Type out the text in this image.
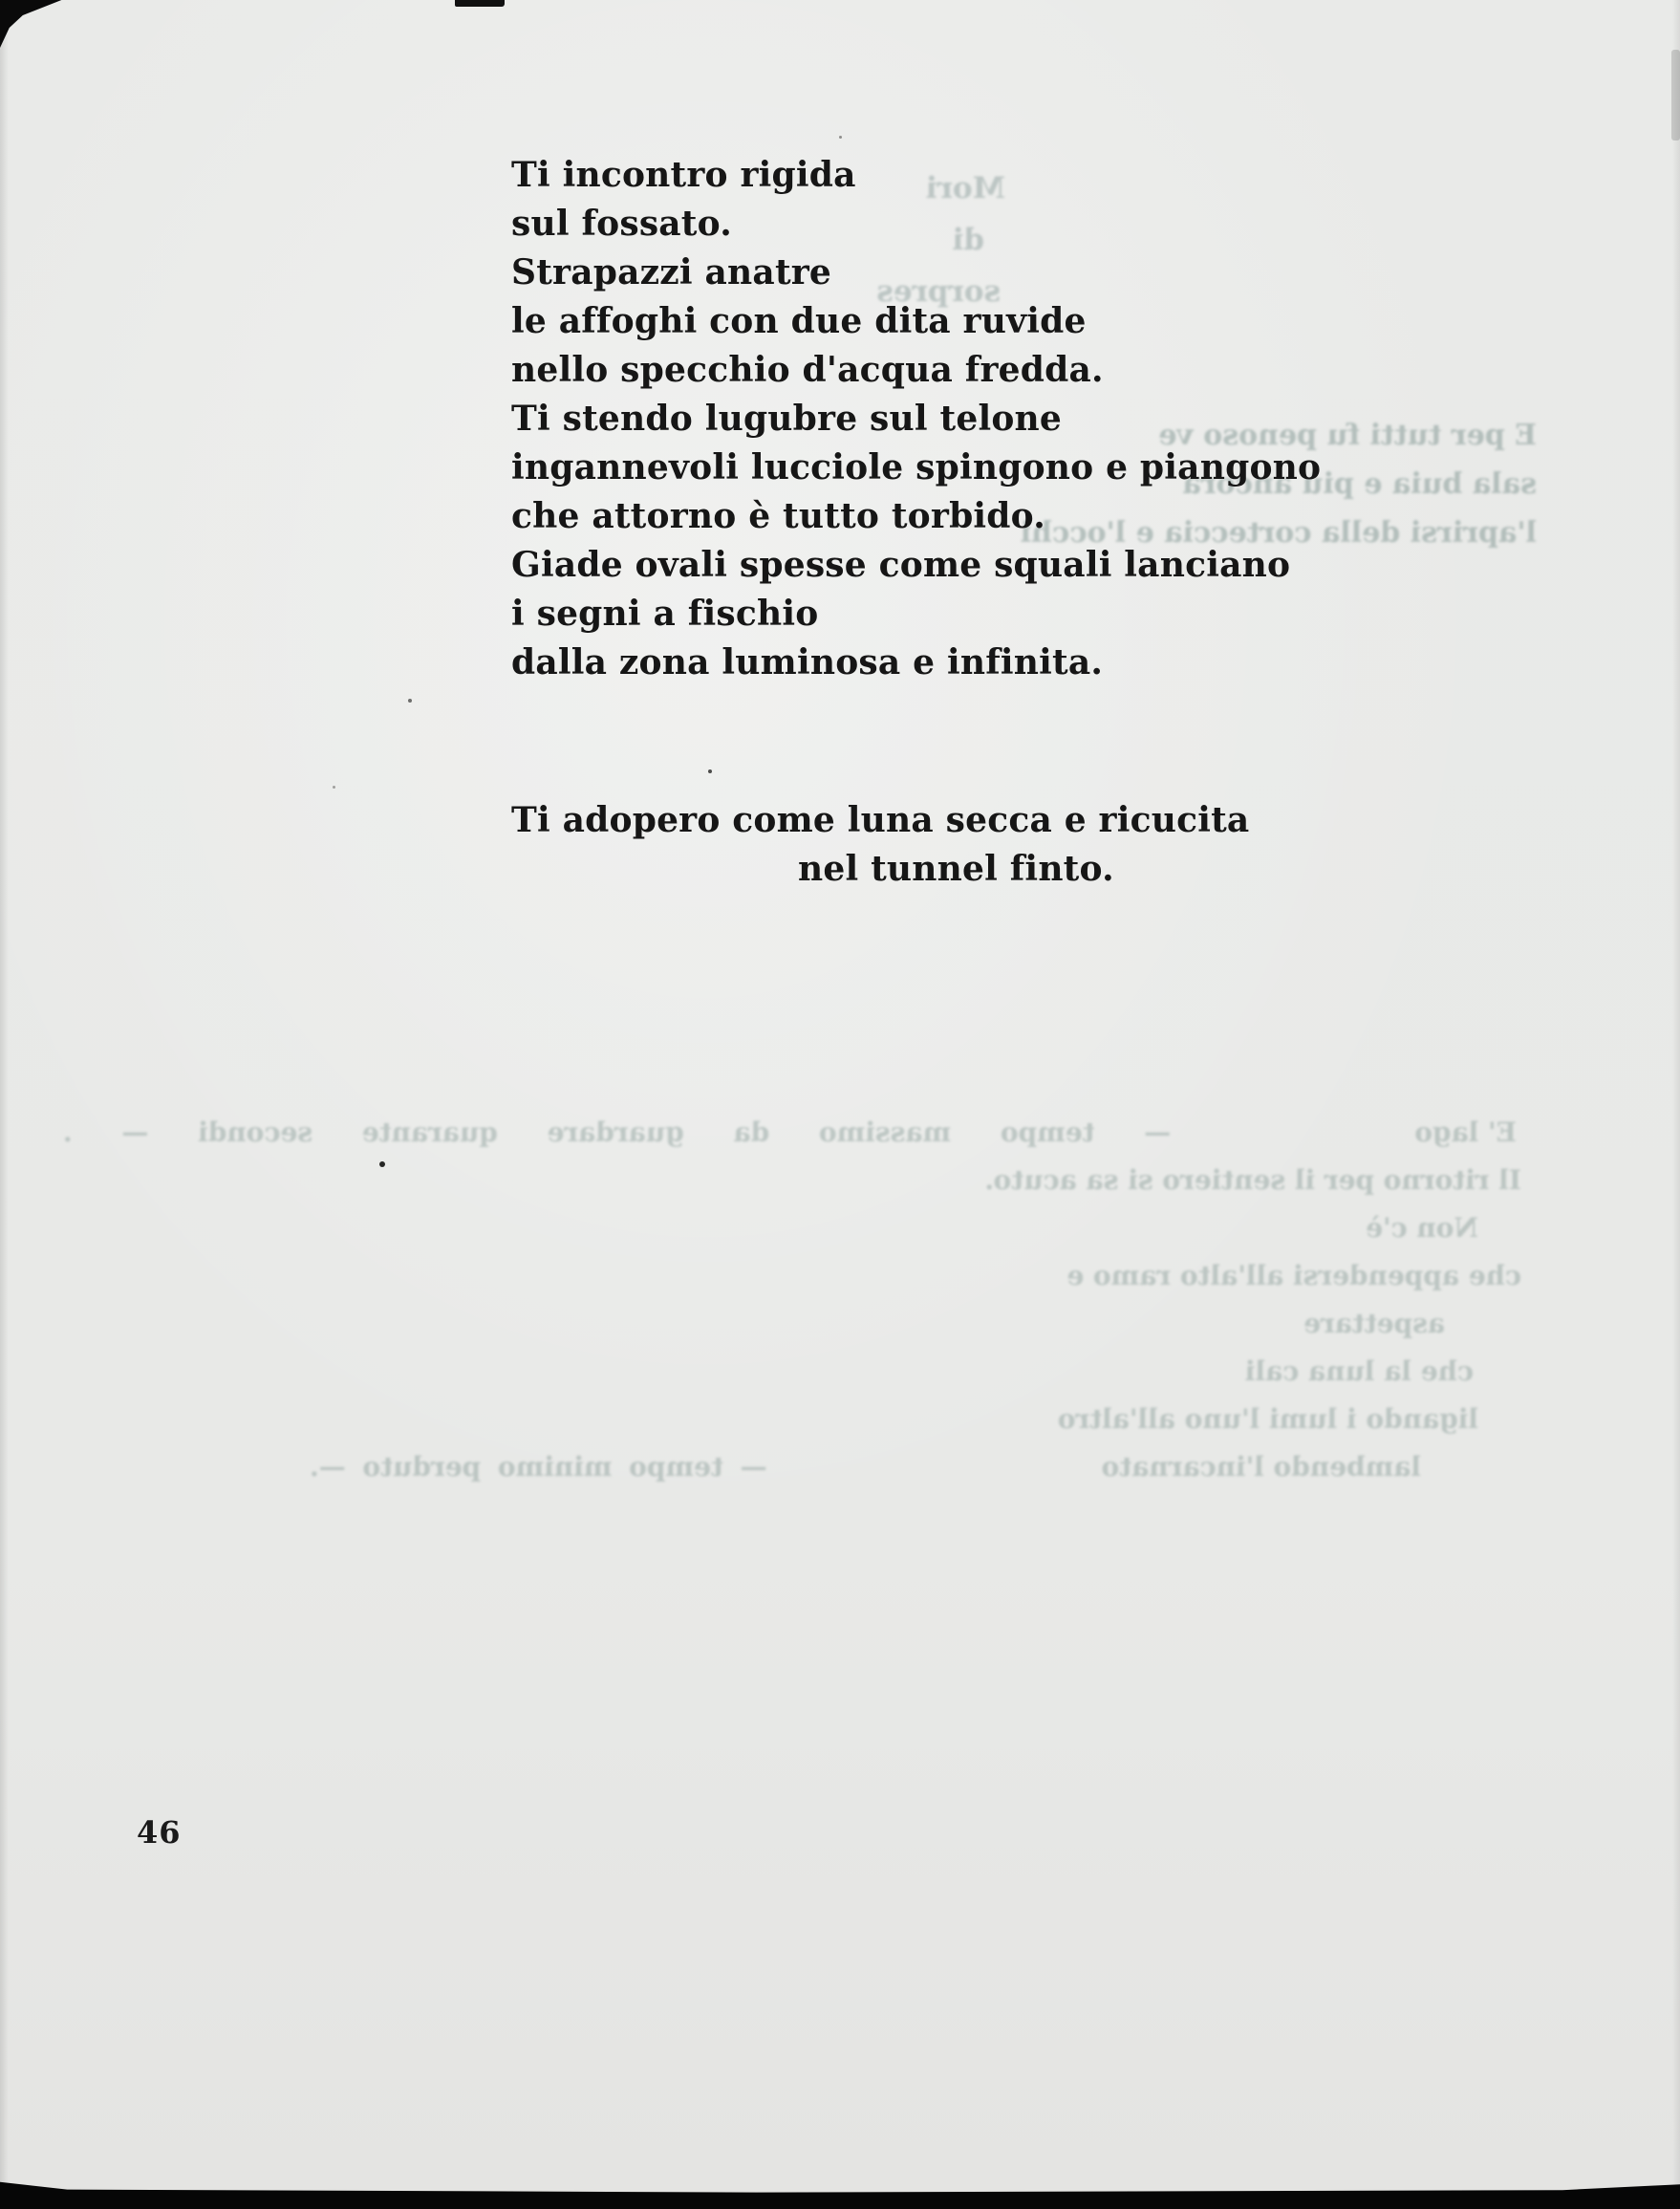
Mori
di
sorpres
E per tutti fu penoso ve
sala buia e più ancora
l'aprirsi della corteccia e l'occhi
Ti incontro rigida
sul fossato.
Strapazzi anatre
le affoghi con due dita ruvide
nello specchio d'acqua fredda.
Ti stendo lugubre sul telone
ingannevoli lucciole spingono e piangono
che attorno è tutto torbido.
Giade ovali spesse come squali lanciano
i segni a fischio
dalla zona luminosa e infinita.
Ti adopero come luna secca e ricucita
nel tunnel finto.
E' lago— tempo massimo da guardare quarante secondi — .
Il ritorno per il sentiero si sa acuto.
Non c'è
che appendersi all'alto ramo e
aspettare
che la luna cali
ligando i lumi l'uno all'altro
lambendo l'incarnato— tempo minimo perduto —.
46
